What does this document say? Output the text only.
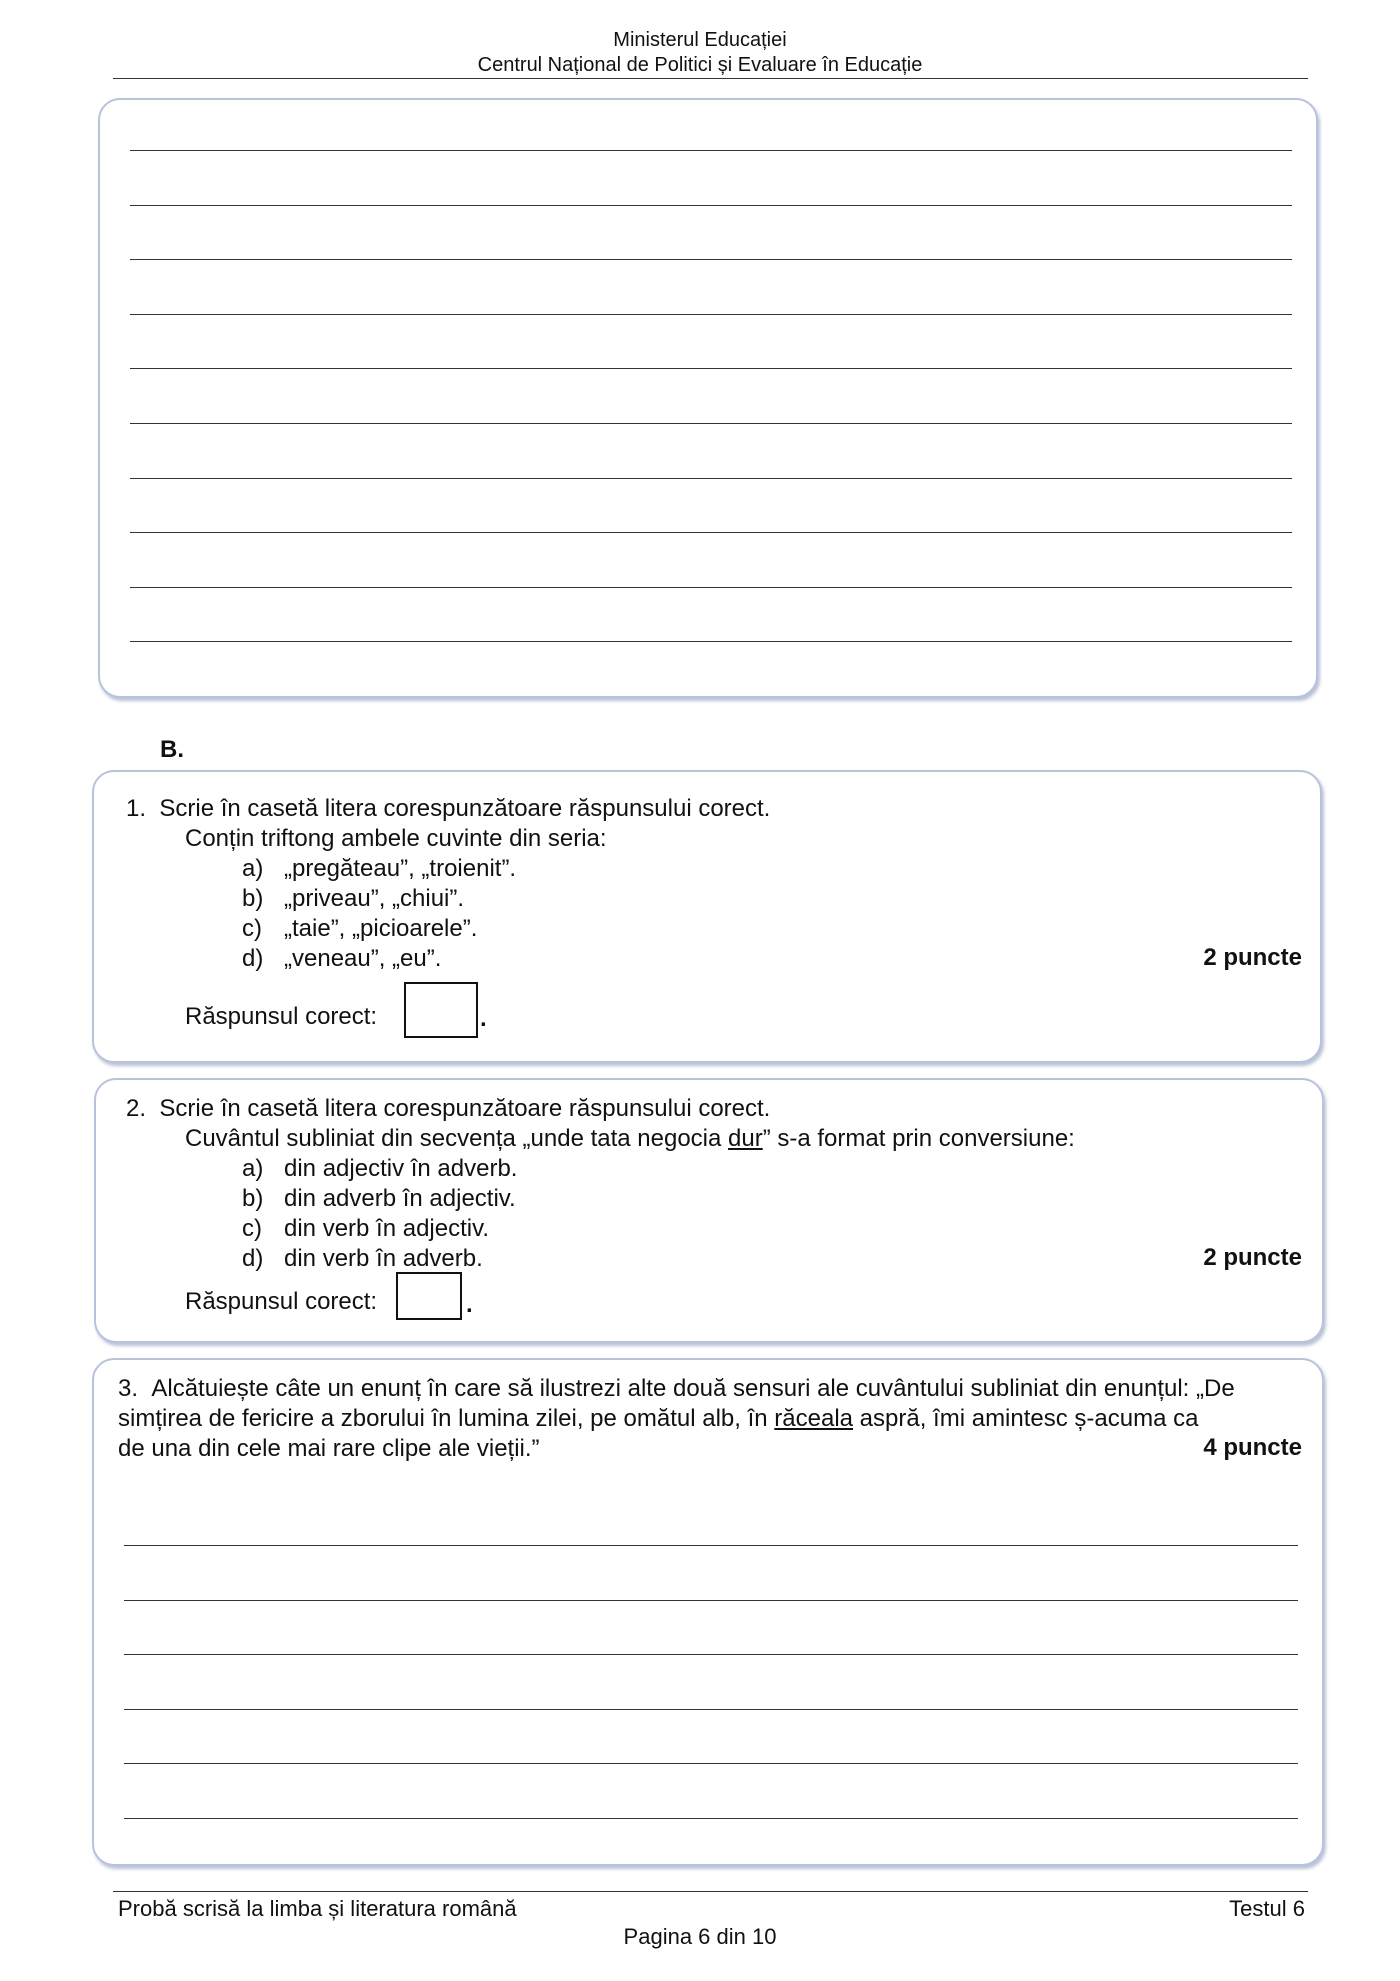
Ministerul Educației
Centrul Național de Politici și Evaluare în Educație
B.
1. Scrie în casetă litera corespunzătoare răspunsului corect.
Conțin triftong ambele cuvinte din seria:
a) „pregăteau”, „troienit”.
b) „priveau”, „chiui”.
c) „taie”, „picioarele”.
d) „veneau”, „eu”.	2 puncte
Răspunsul corect:	.
2. Scrie în casetă litera corespunzătoare răspunsului corect.
Cuvântul subliniat din secvența „unde tata negocia dur” s-a format prin conversiune:
a) din adjectiv în adverb.
b) din adverb în adjectiv.
c) din verb în adjectiv.
d) din verb în adverb.	2 puncte
Răspunsul corect:	.
3. Alcătuiește câte un enunț în care să ilustrezi alte două sensuri ale cuvântului subliniat din enunțul: „De
simțirea de fericire a zborului în lumina zilei, pe omătul alb, în răceala aspră, îmi amintesc ș-acuma ca
de una din cele mai rare clipe ale vieții.”	4 puncte
Probă scrisă la limba și literatura română	Testul 6
Pagina 6 din 10
